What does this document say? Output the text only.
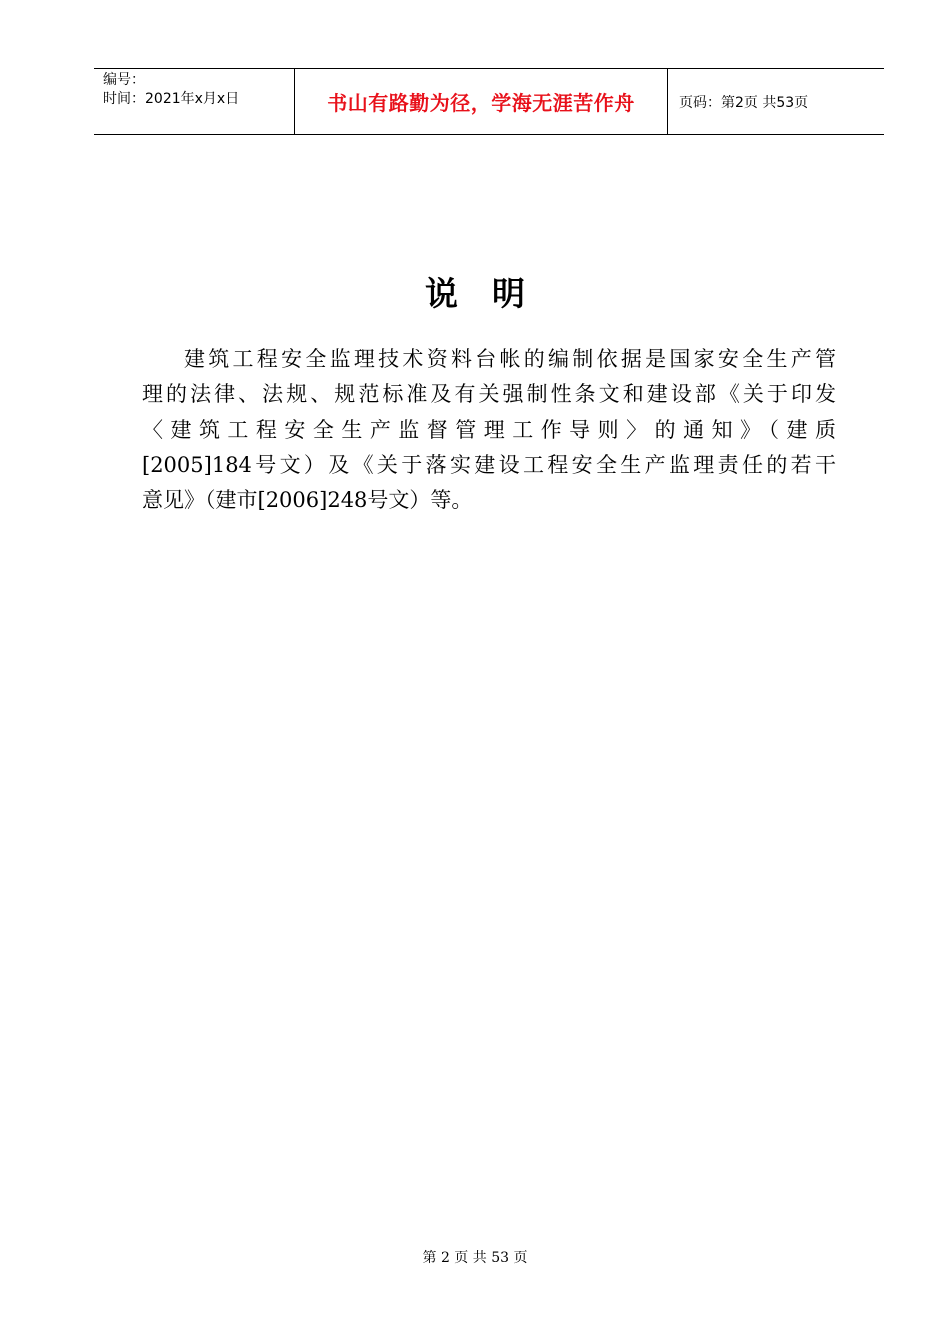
编号：
时间：2021年x月x日	书山有路勤为径，学海无涯苦作舟	页码：第2页 共53页
说明
建筑工程安全监理技术资料台帐的编制依据是国家安全生产管
理的法律、法规、规范标准及有关强制性条文和建设部《关于印发
〈建筑工程安全生产监督管理工作导则〉的通知》（建质
[2005]184号文）及《关于落实建设工程安全生产监理责任的若干
意见》（建市[2006]248号文）等。
第 2 页 共 53 页
